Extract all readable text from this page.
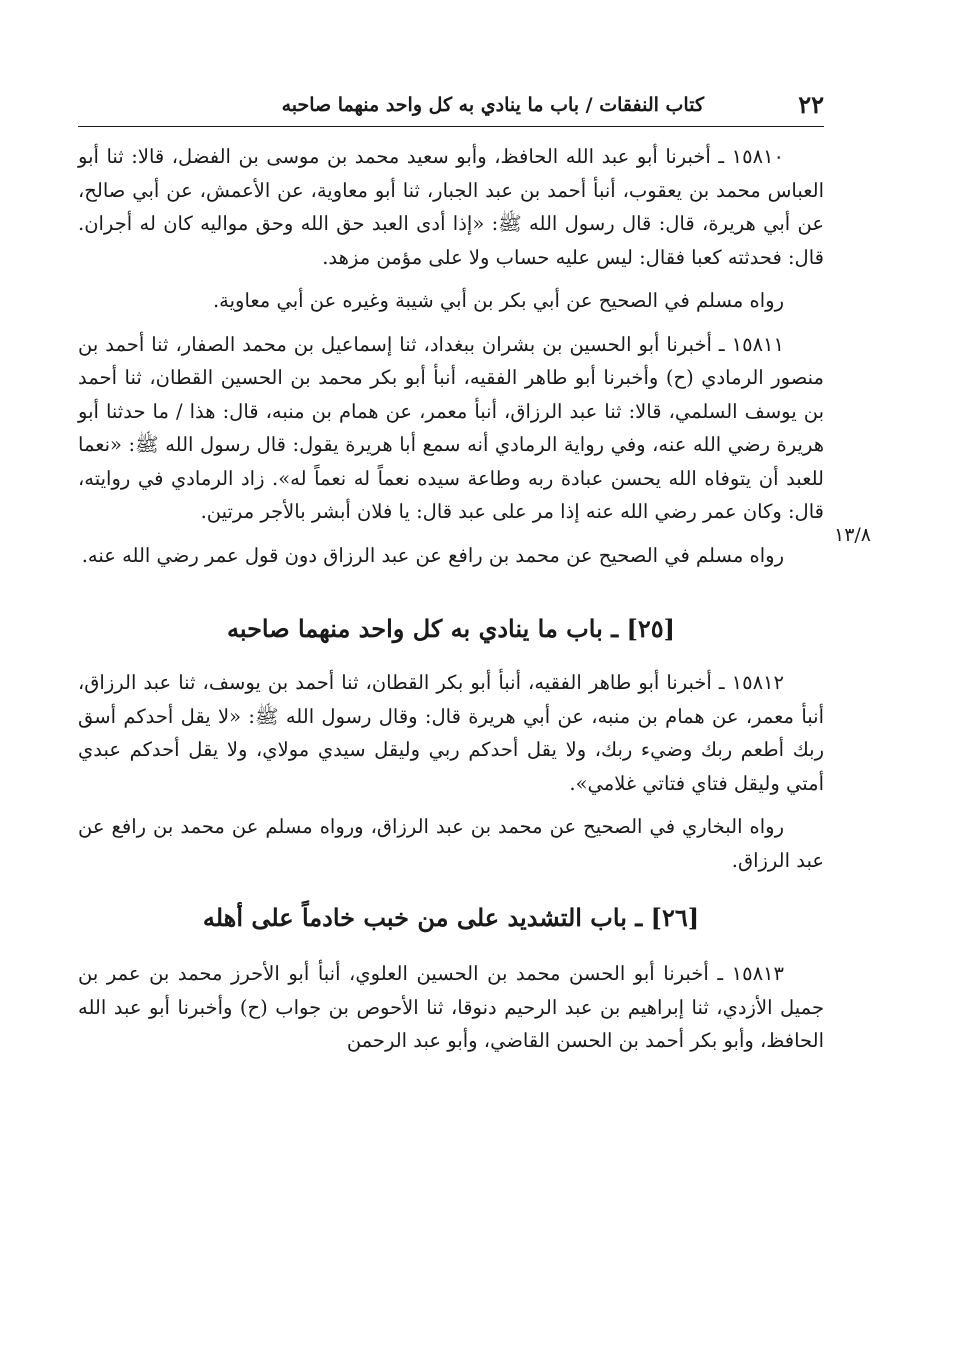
٢٢
كتاب النفقات / باب ما ينادي به كل واحد منهما صاحبه
١٣/٨

١٥٨١٠ ـ أخبرنا أبو عبد الله الحافظ، وأبو سعيد محمد بن موسى بن الفضل، قالا: ثنا أبو العباس محمد بن يعقوب، أنبأ أحمد بن عبد الجبار، ثنا أبو معاوية، عن الأعمش، عن أبي صالح، عن أبي هريرة، قال: قال رسول الله ﷺ: «إذا أدى العبد حق الله وحق مواليه كان له أجران. قال: فحدثته كعبا فقال: ليس عليه حساب ولا على مؤمن مزهد.

رواه مسلم في الصحيح عن أبي بكر بن أبي شيبة وغيره عن أبي معاوية.

١٥٨١١ ـ أخبرنا أبو الحسين بن بشران ببغداد، ثنا إسماعيل بن محمد الصفار، ثنا أحمد بن منصور الرمادي (ح) وأخبرنا أبو طاهر الفقيه، أنبأ أبو بكر محمد بن الحسين القطان، ثنا أحمد بن يوسف السلمي، قالا: ثنا عبد الرزاق، أنبأ معمر، عن همام بن منبه، قال: هذا / ما حدثنا أبو هريرة رضي الله عنه، وفي رواية الرمادي أنه سمع أبا هريرة يقول: قال رسول الله ﷺ: «نعما للعبد أن يتوفاه الله يحسن عبادة ربه وطاعة سيده نعماً له نعماً له». زاد الرمادي في روايته، قال: وكان عمر رضي الله عنه إذا مر على عبد قال: يا فلان أبشر بالأجر مرتين.

رواه مسلم في الصحيح عن محمد بن رافع عن عبد الرزاق دون قول عمر رضي الله عنه.

[٢٥] ـ باب ما ينادي به كل واحد منهما صاحبه

١٥٨١٢ ـ أخبرنا أبو طاهر الفقيه، أنبأ أبو بكر القطان، ثنا أحمد بن يوسف، ثنا عبد الرزاق، أنبأ معمر، عن همام بن منبه، عن أبي هريرة قال: وقال رسول الله ﷺ: «لا يقل أحدكم أسق ربك أطعم ربك وضيء ربك، ولا يقل أحدكم ربي وليقل سيدي مولاي، ولا يقل أحدكم عبدي أمتي وليقل فتاي فتاتي غلامي».

رواه البخاري في الصحيح عن محمد بن عبد الرزاق، ورواه مسلم عن محمد بن رافع عن عبد الرزاق.

[٢٦] ـ باب التشديد على من خبب خادماً على أهله

١٥٨١٣ ـ أخبرنا أبو الحسن محمد بن الحسين العلوي، أنبأ أبو الأحرز محمد بن عمر بن جميل الأزدي، ثنا إبراهيم بن عبد الرحيم دنوقا، ثنا الأحوص بن جواب (ح) وأخبرنا أبو عبد الله الحافظ، وأبو بكر أحمد بن الحسن القاضي، وأبو عبد الرحمن
